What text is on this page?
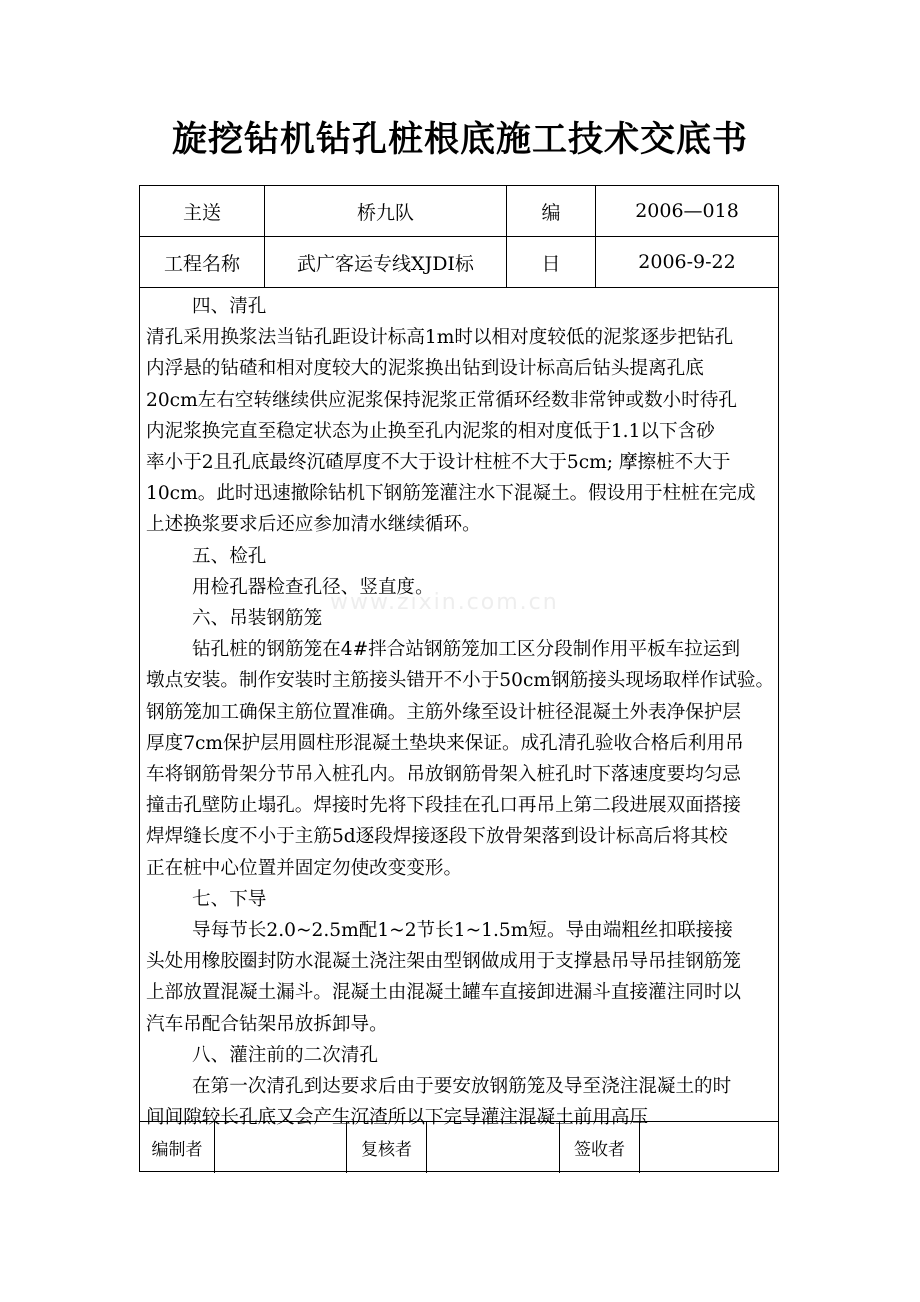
旋挖钻机钻孔桩根底施工技术交底书
主送	桥九队	编	2006—018
工程名称	武广客运专线XJDI标	日	2006-9-22

四、清孔

清孔采用换浆法当钻孔距设计标高1m时以相对度较低的泥浆逐步把钻孔

内浮悬的钻碴和相对度较大的泥浆换出钻到设计标高后钻头提离孔底

20cm左右空转继续供应泥浆保持泥浆正常循环经数非常钟或数小时待孔

内泥浆换完直至稳定状态为止换至孔内泥浆的相对度低于1.1以下含砂

率小于2且孔底最终沉碴厚度不大于设计柱桩不大于5cm; 摩擦桩不大于

10cm。此时迅速撤除钻机下钢筋笼灌注水下混凝土。假设用于柱桩在完成

上述换浆要求后还应参加清水继续循环。

五、检孔

用检孔器检查孔径、竖直度。

六、吊装钢筋笼

钻孔桩的钢筋笼在4#拌合站钢筋笼加工区分段制作用平板车拉运到

墩点安装。制作安装时主筋接头错开不小于50cm钢筋接头现场取样作试验。

钢筋笼加工确保主筋位置准确。主筋外缘至设计桩径混凝土外表净保护层

厚度7cm保护层用圆柱形混凝土垫块来保证。成孔清孔验收合格后利用吊

车将钢筋骨架分节吊入桩孔内。吊放钢筋骨架入桩孔时下落速度要均匀忌

撞击孔壁防止塌孔。焊接时先将下段挂在孔口再吊上第二段进展双面搭接

焊焊缝长度不小于主筋5d逐段焊接逐段下放骨架落到设计标高后将其校

正在桩中心位置并固定勿使改变变形。

七、下导

导每节长2.0~2.5m配1~2节长1~1.5m短。导由端粗丝扣联接接

头处用橡胶圈封防水混凝土浇注架由型钢做成用于支撑悬吊导吊挂钢筋笼

上部放置混凝土漏斗。混凝土由混凝土罐车直接卸进漏斗直接灌注同时以

汽车吊配合钻架吊放拆卸导。

八、灌注前的二次清孔

在第一次清孔到达要求后由于要安放钢筋笼及导至浇注混凝土的时

间间隙较长孔底又会产生沉渣所以下完导灌注混凝土前用高压

编制者	复核者	签收者
www.zixin.com.cn
